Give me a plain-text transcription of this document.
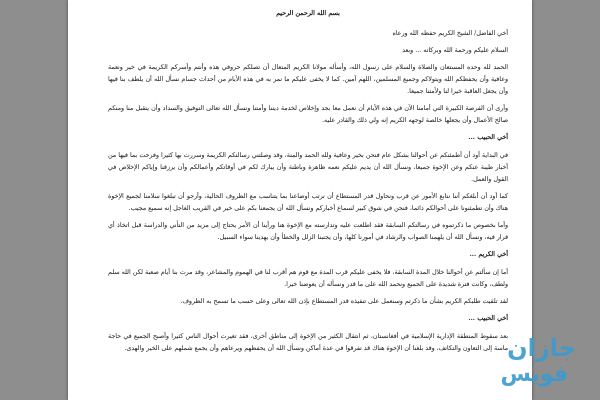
بسم الله الرحمن الرحيم

أخي الفاضل/ الشيخ الكريم حفظه الله ورعاه

السلام عليكم ورحمة الله وبركاته ... وبعد

الحمد لله وحده المستعان والصلاة والسلام على رسول الله، وأسأله مولانا الكريم المتعال أن تصلكم حروفي هذه وأنتم وأسركم الكريمة في خير ونعمة وعافية وأن يحفظكم الله ويتولاكم وجميع المسلمين، اللهم آمين. كما لا يخفى عليكم ما نمر به في هذه الأيام من أحداث جسام نسأل الله أن يلطف بنا فيها وأن يجعل العاقبة خيرا لنا ولأمتنا جميعا.

وأرى أن الفرصة الكبيرة التي أمامنا الآن في هذه الأيام أن نعمل معا بجد وإخلاص لخدمة ديننا وأمتنا ونسأل الله تعالى التوفيق والسداد وأن يتقبل منا ومنكم صالح الأعمال وأن يجعلها خالصة لوجهه الكريم إنه ولي ذلك والقادر عليه.

أخي الحبيب ...

في البداية أود أن أطمئنكم عن أحوالنا بشكل عام فنحن بخير وعافية ولله الحمد والمنة، وقد وصلتني رسالتكم الكريمة وسررت بها كثيرا وفرحت بما فيها من أخبار طيبة عنكم وعن الإخوة جميعا، ونسأل الله أن يديم عليكم نعمه ظاهرة وباطنة وأن يبارك لكم في أوقاتكم وأعمالكم وأن يرزقنا وإياكم الإخلاص في القول والعمل.

كما أود أن أبلغكم أننا نتابع الأمور عن قرب ونحاول قدر المستطاع أن نرتب أوضاعنا بما يتناسب مع الظروف الحالية، وأرجو أن تبلغوا سلامنا لجميع الإخوة هناك وأن تطمئنونا على أحوالكم دائما، فنحن في شوق كبير لسماع أخباركم ونسأل الله أن يجمعنا بكم على خير في القريب العاجل إنه سميع مجيب.

وأما بخصوص ما ذكرتموه في رسالتكم السابقة فقد اطلعت عليه وتدارسته مع الإخوة هنا ورأينا أن الأمر يحتاج إلى مزيد من التأني والدراسة قبل اتخاذ أي قرار فيه، ونسأل الله أن يلهمنا الصواب والرشاد في أمورنا كلها، وأن يجنبنا الزلل والخطأ وأن يهدينا سواء السبيل.

أخي الكريم ...

أما إن سألتم عن أحوالنا خلال المدة السابقة، فلا يخفى عليكم قرب المدة مع قوم هم أقرب لنا في الهموم والمشاعر، وقد مرت بنا أيام صعبة لكن الله سلم ولطف، وكانت فترة شديدة على الجميع ونحمد الله على ما قدر ونسأله أن يعوضنا خيرا.

لقد تلقيت طلبكم الكريم بشأن ما ذكرتم وسنعمل على تنفيذه قدر المستطاع بإذن الله تعالى وعلى حسب ما تسمح به الظروف.

أخي الحبيب ...

بعد سقوط المنطقة الإدارية الإسلامية في أفغانستان، ثم انتقال الكثير من الإخوة إلى مناطق أخرى، فقد تغيرت أحوال الناس كثيرا وأصبح الجميع في حاجة ماسة إلى التعاون والتكاتف، وقد بلغنا أن الإخوة هناك قد تفرقوا في عدة أماكن ونسأل الله أن يحفظهم ويرعاهم وأن يجمع شملهم على الخير والهدى. جازان
فويس
